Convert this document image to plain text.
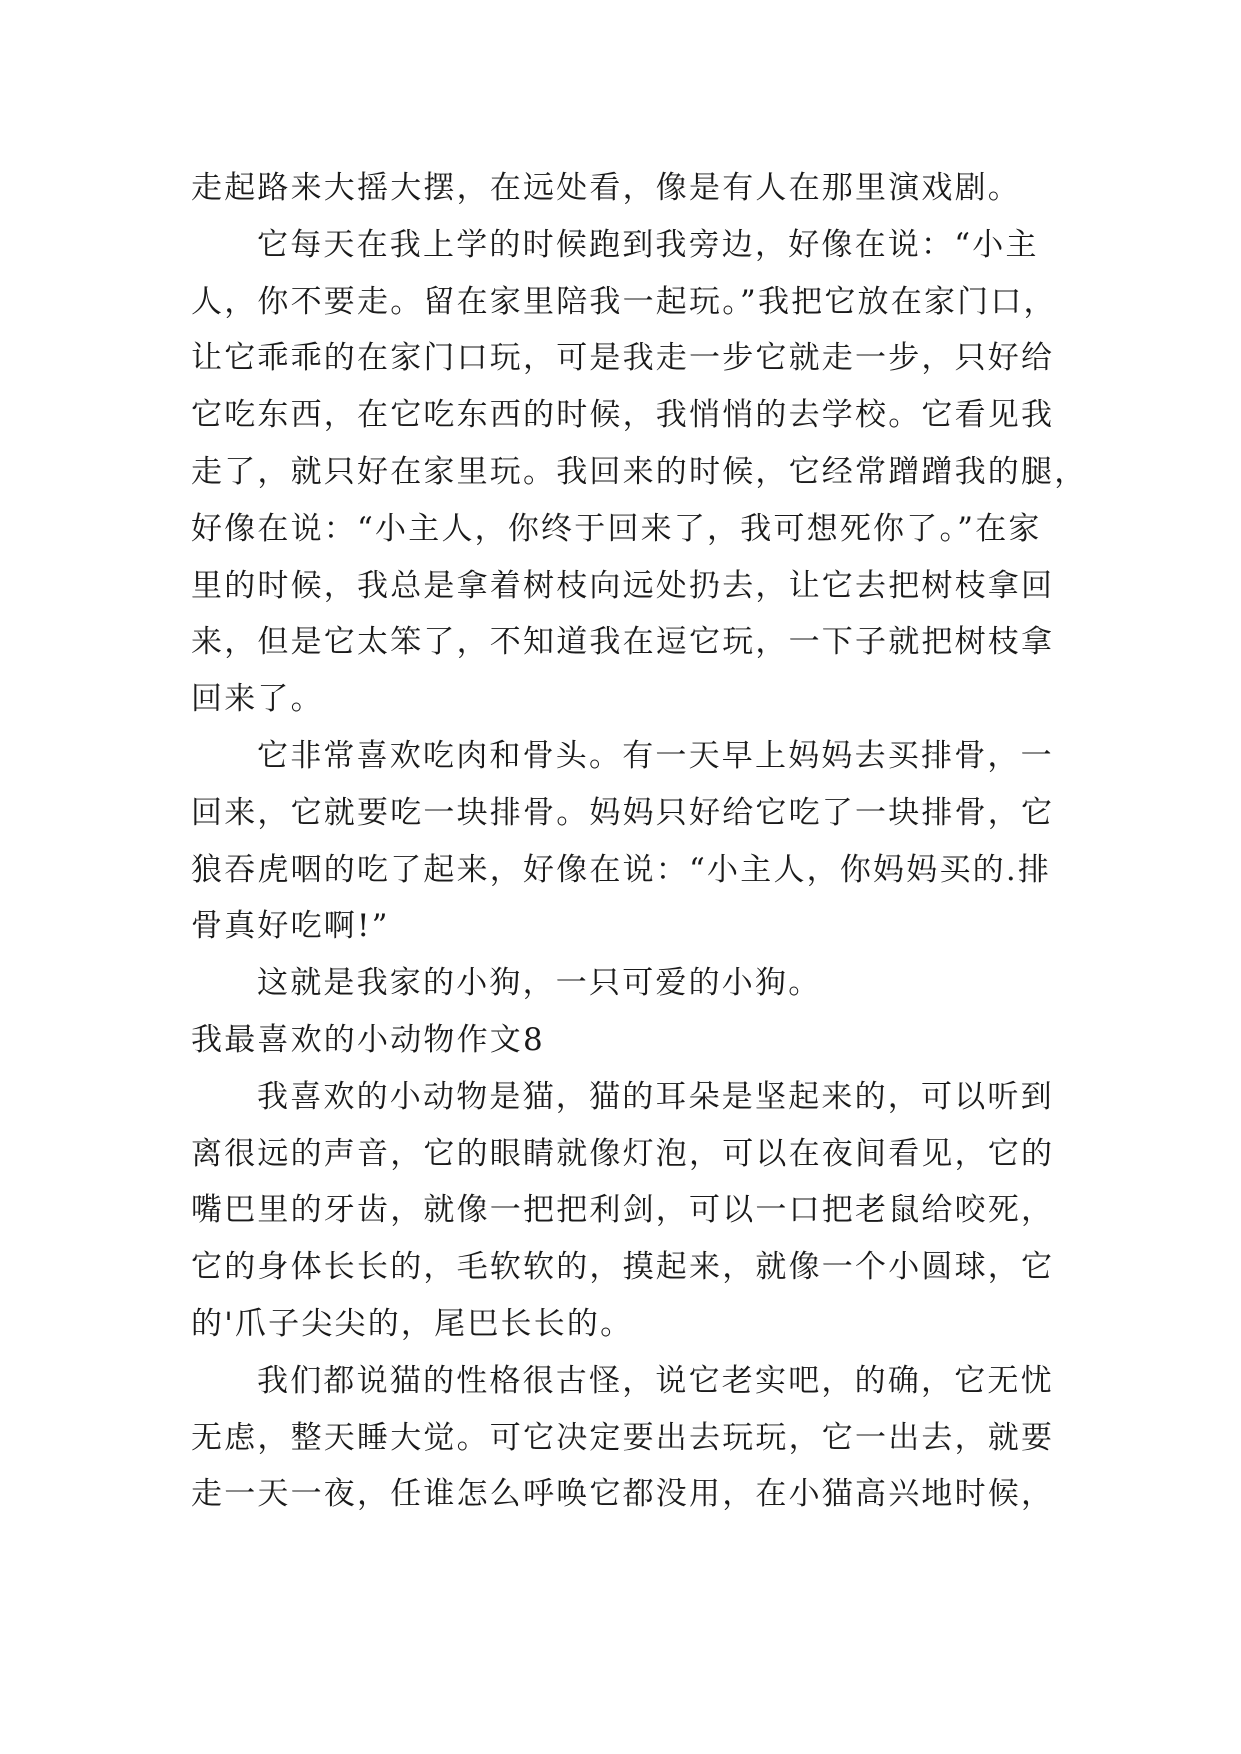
走起路来大摇大摆，在远处看，像是有人在那里演戏剧。
它每天在我上学的时候跑到我旁边，好像在说：“小主
人，你不要走。留在家里陪我一起玩。”我把它放在家门口，
让它乖乖的在家门口玩，可是我走一步它就走一步，只好给
它吃东西，在它吃东西的时候，我悄悄的去学校。它看见我
走了，就只好在家里玩。我回来的时候，它经常蹭蹭我的腿，
好像在说：“小主人，你终于回来了，我可想死你了。”在家
里的时候，我总是拿着树枝向远处扔去，让它去把树枝拿回
来，但是它太笨了，不知道我在逗它玩，一下子就把树枝拿
回来了。
它非常喜欢吃肉和骨头。有一天早上妈妈去买排骨，一
回来，它就要吃一块排骨。妈妈只好给它吃了一块排骨，它
狼吞虎咽的吃了起来，好像在说：“小主人，你妈妈买的.排
骨真好吃啊!”
这就是我家的小狗，一只可爱的小狗。
我最喜欢的小动物作文8
我喜欢的小动物是猫，猫的耳朵是坚起来的，可以听到
离很远的声音，它的眼睛就像灯泡，可以在夜间看见，它的
嘴巴里的牙齿，就像一把把利剑，可以一口把老鼠给咬死，
它的身体长长的，毛软软的，摸起来，就像一个小圆球，它
的'爪子尖尖的，尾巴长长的。
我们都说猫的性格很古怪，说它老实吧，的确，它无忧
无虑，整天睡大觉。可它决定要出去玩玩，它一出去，就要
走一天一夜，任谁怎么呼唤它都没用，在小猫高兴地时候，
